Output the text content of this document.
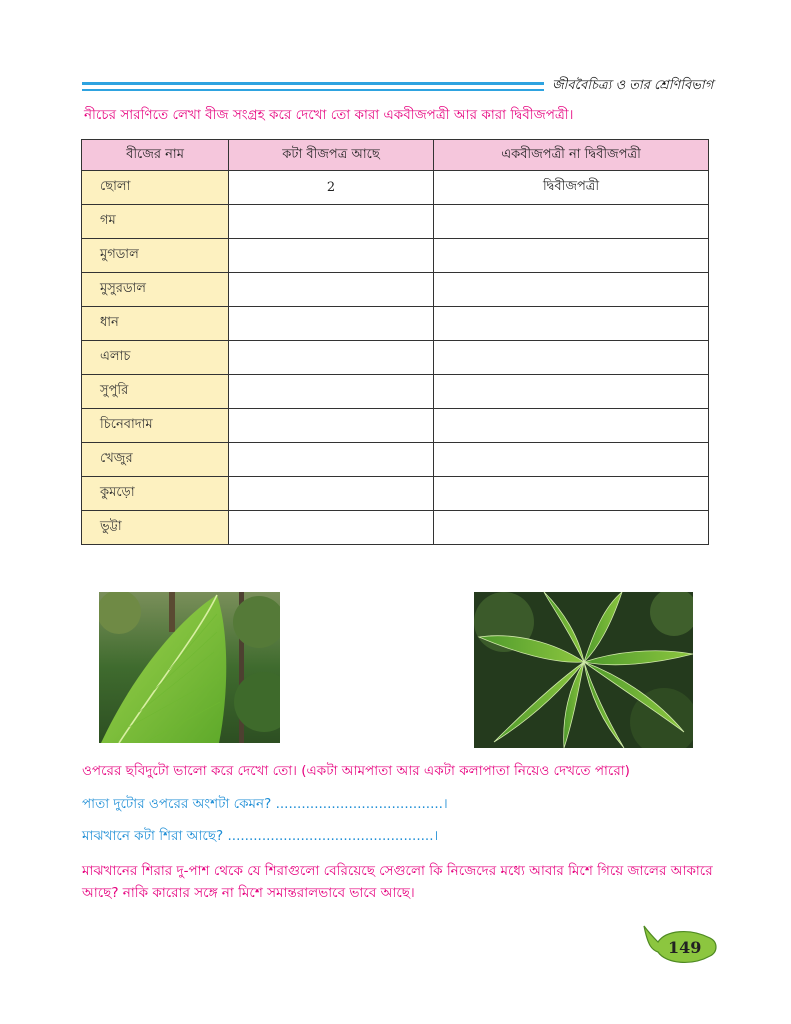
জীববৈচিত্র্য ও তার শ্রেণিবিভাগ
নীচের সারণিতে লেখা বীজ সংগ্রহ করে দেখো তো কারা একবীজপত্রী আর কারা দ্বিবীজপত্রী।
বীজের নাম	কটা বীজপত্র আছে	একবীজপত্রী না দ্বিবীজপত্রী
ছোলা	2	দ্বিবীজপত্রী
গম		
মুগডাল		
মুসুরডাল		
ধান		
এলাচ		
সুপুরি		
চিনেবাদাম		
খেজুর		
কুমড়ো		
ভুট্টা		
ওপরের ছবিদুটো ভালো করে দেখো তো। (একটা আমপাতা আর একটা কলাপাতা নিয়েও দেখতে পারো)
পাতা দুটোর ওপরের অংশটা কেমন? .......................................।
মাঝখানে কটা শিরা আছে? ................................................।
মাঝখানের শিরার দু-পাশ থেকে যে শিরাগুলো বেরিয়েছে সেগুলো কি নিজেদের মধ্যে আবার মিশে গিয়ে জালের আকারে
আছে? নাকি কারোর সঙ্গে না মিশে সমান্তরালভাবে ভাবে আছে।
149
